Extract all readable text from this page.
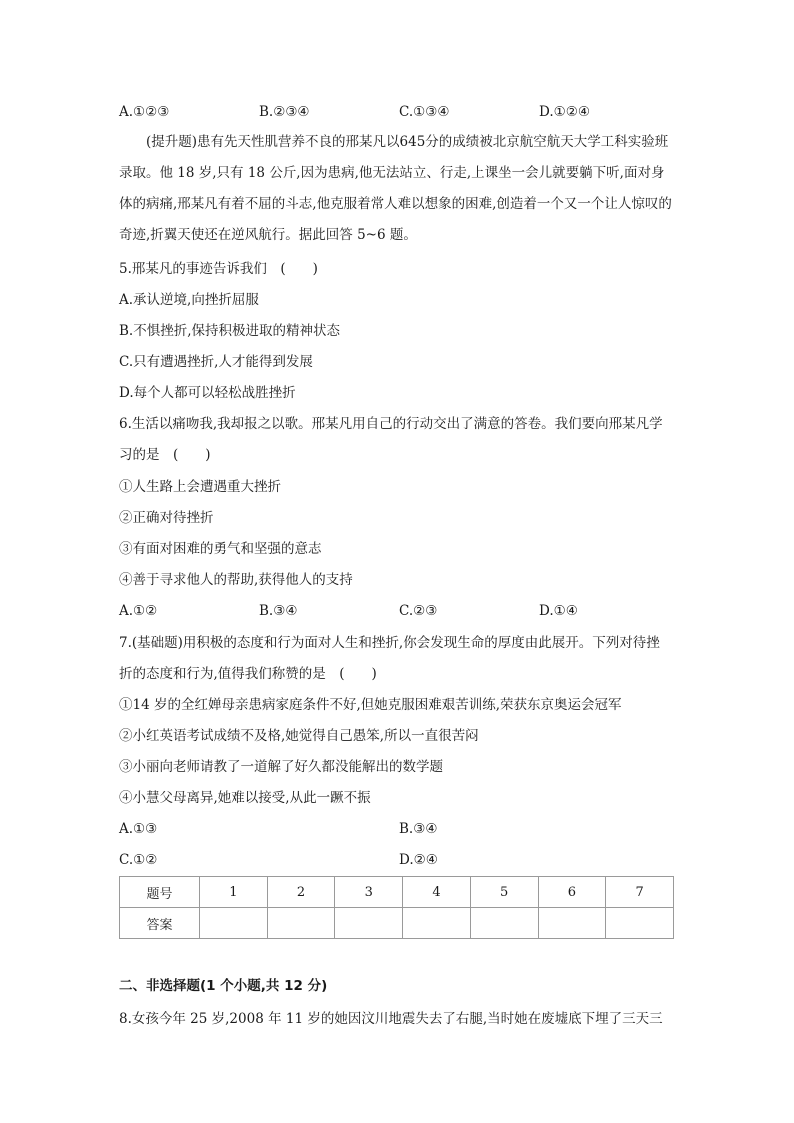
A.①②③	B.②③④	C.①③④	D.①②④
(提升题)患有先天性肌营养不良的邢某凡以645分的成绩被北京航空航天大学工科实验班录取。他 18 岁,只有 18 公斤,因为患病,他无法站立、行走,上课坐一会儿就要躺下听,面对身体的病痛,邢某凡有着不屈的斗志,他克服着常人难以想象的困难,创造着一个又一个让人惊叹的奇迹,折翼天使还在逆风航行。据此回答 5~6 题。
5.邢某凡的事迹告诉我们　(　　)
A.承认逆境,向挫折屈服
B.不惧挫折,保持积极进取的精神状态
C.只有遭遇挫折,人才能得到发展
D.每个人都可以轻松战胜挫折
6.生活以痛吻我,我却报之以歌。邢某凡用自己的行动交出了满意的答卷。我们要向邢某凡学
习的是　(　　)
①人生路上会遭遇重大挫折
②正确对待挫折
③有面对困难的勇气和坚强的意志
④善于寻求他人的帮助,获得他人的支持
A.①②	B.③④	C.②③	D.①④
7.(基础题)用积极的态度和行为面对人生和挫折,你会发现生命的厚度由此展开。下列对待挫
折的态度和行为,值得我们称赞的是　(　　)
①14 岁的全红婵母亲患病家庭条件不好,但她克服困难艰苦训练,荣获东京奥运会冠军
②小红英语考试成绩不及格,她觉得自己愚笨,所以一直很苦闷
③小丽向老师请教了一道解了好久都没能解出的数学题
④小慧父母离异,她难以接受,从此一蹶不振
A.①③	B.③④
C.①②	D.②④
题号	1	2	3	4	5	6	7
答案							
二、非选择题(1 个小题,共 12 分)
8.女孩今年 25 岁,2008 年 11 岁的她因汶川地震失去了右腿,当时她在废墟底下埋了三天三
